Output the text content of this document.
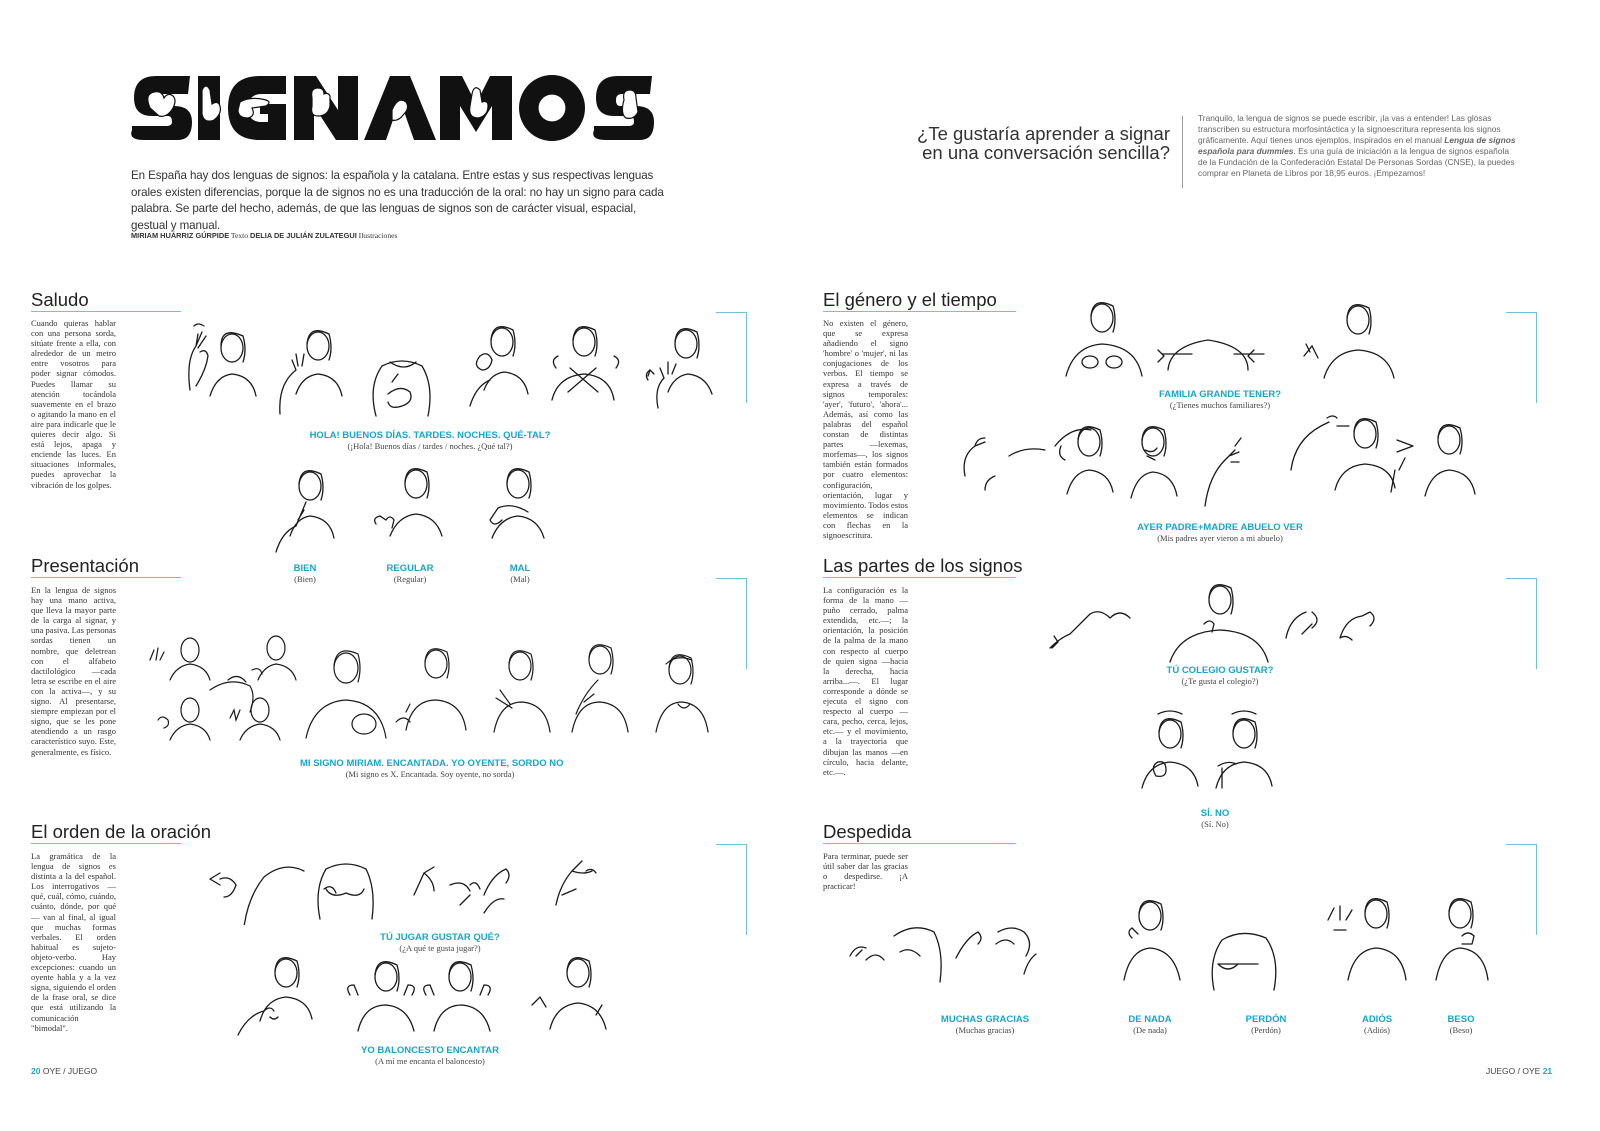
En España hay dos lenguas de signos: la española y la catalana. Entre estas y sus respectivas lenguas orales existen diferencias, porque la de signos no es una traducción de la oral: no hay un signo para cada palabra. Se parte del hecho, además, de que las lenguas de signos son de carácter visual, espacial, gestual y manual.
MIRIAM HUÁRRIZ GÚRPIDE Texto DELIA DE JULIÁN ZULATEGUI Ilustraciones
¿Te gustaría aprender a signar en una conversación sencilla?
Tranquilo, la lengua de signos se puede escribir, ¡la vas a entender! Las glosas transcriben su estructura morfosintáctica y la signoescritura representa los signos gráficamente. Aquí tienes unos ejemplos, inspirados en el manual Lengua de signos española para dummies. Es una guía de iniciación a la lengua de signos española de la Fundación de la Confederación Estatal De Personas Sordas (CNSE), la puedes comprar en Planeta de Libros por 18,95 euros. ¡Empezamos!
Saludo
Cuando quieras hablar con una persona sorda, sitúate frente a ella, con alrededor de un metro entre vosotros para poder signar cómodos. Puedes llamar su atención tocándola suavemente en el brazo o agitando la mano en el aire para indicarle que le quieres decir algo. Si está lejos, apaga y enciende las luces. En situaciones informales, puedes aprovechar la vibración de los golpes.
HOLA! BUENOS DÍAS. TARDES. NOCHES. QUÉ-TAL?
(¡Hola! Buenos días / tardes / noches. ¿Qué tal?)
BIEN
(Bien)
REGULAR
(Regular)
MAL
(Mal)
Presentación
En la lengua de signos hay una mano activa, que lleva la mayor parte de la carga al signar, y una pasiva. Las personas sordas tienen un nombre, que deletrean con el alfabeto dactilológico —cada letra se escribe en el aire con la activa—, y su signo. Al presentarse, siempre empiezan por el signo, que se les pone atendiendo a un rasgo característico suyo. Este, generalmente, es físico.
MI SIGNO MIRIAM. ENCANTADA. YO OYENTE, SORDO NO
(Mi signo es X. Encantada. Soy oyente, no sorda)
El orden de la oración
La gramática de la lengua de signos es distinta a la del español. Los interrogativos —qué, cuál, cómo, cuándo, cuánto, dónde, por qué— van al final, al igual que muchas formas verbales. El orden habitual es sujeto-objeto-verbo. Hay excepciones: cuando un oyente habla y a la vez signa, siguiendo el orden de la frase oral, se dice que está utilizando la comunicación "bimodal".
TÚ JUGAR GUSTAR QUÉ?
(¿A qué te gusta jugar?)
YO BALONCESTO ENCANTAR
(A mí me encanta el baloncesto)
20 OYE / JUEGO
El género y el tiempo
No existen el género, que se expresa añadiendo el signo 'hombre' o 'mujer', ni las conjugaciones de los verbos. El tiempo se expresa a través de signos temporales: 'ayer', 'futuro', 'ahora'... Además, así como las palabras del español constan de distintas partes —lexemas, morfemas—, los signos también están formados por cuatro elementos: configuración, orientación, lugar y movimiento. Todos estos elementos se indican con flechas en la signoescritura.
FAMILIA GRANDE TENER?
(¿Tienes muchos familiares?)
AYER PADRE+MADRE ABUELO VER
(Mis padres ayer vieron a mi abuelo)
Las partes de los signos
La configuración es la forma de la mano —puño cerrado, palma extendida, etc.—; la orientación, la posición de la palma de la mano con respecto al cuerpo de quien signa —hacia la derecha, hacia arriba...—. El lugar corresponde a dónde se ejecuta el signo con respecto al cuerpo —cara, pecho, cerca, lejos, etc.— y el movimiento, a la trayectoria que dibujan las manos —en círculo, hacia delante, etc.—.
TÚ COLEGIO GUSTAR?
(¿Te gusta el colegio?)
SÍ. NO
(Sí. No)
Despedida
Para terminar, puede ser útil saber dar las gracias o despedirse. ¡A practicar!
MUCHAS GRACIAS
(Muchas gracias)
DE NADA
(De nada)
PERDÓN
(Perdón)
ADIÓS
(Adiós)
BESO
(Beso)
JUEGO / OYE 21
